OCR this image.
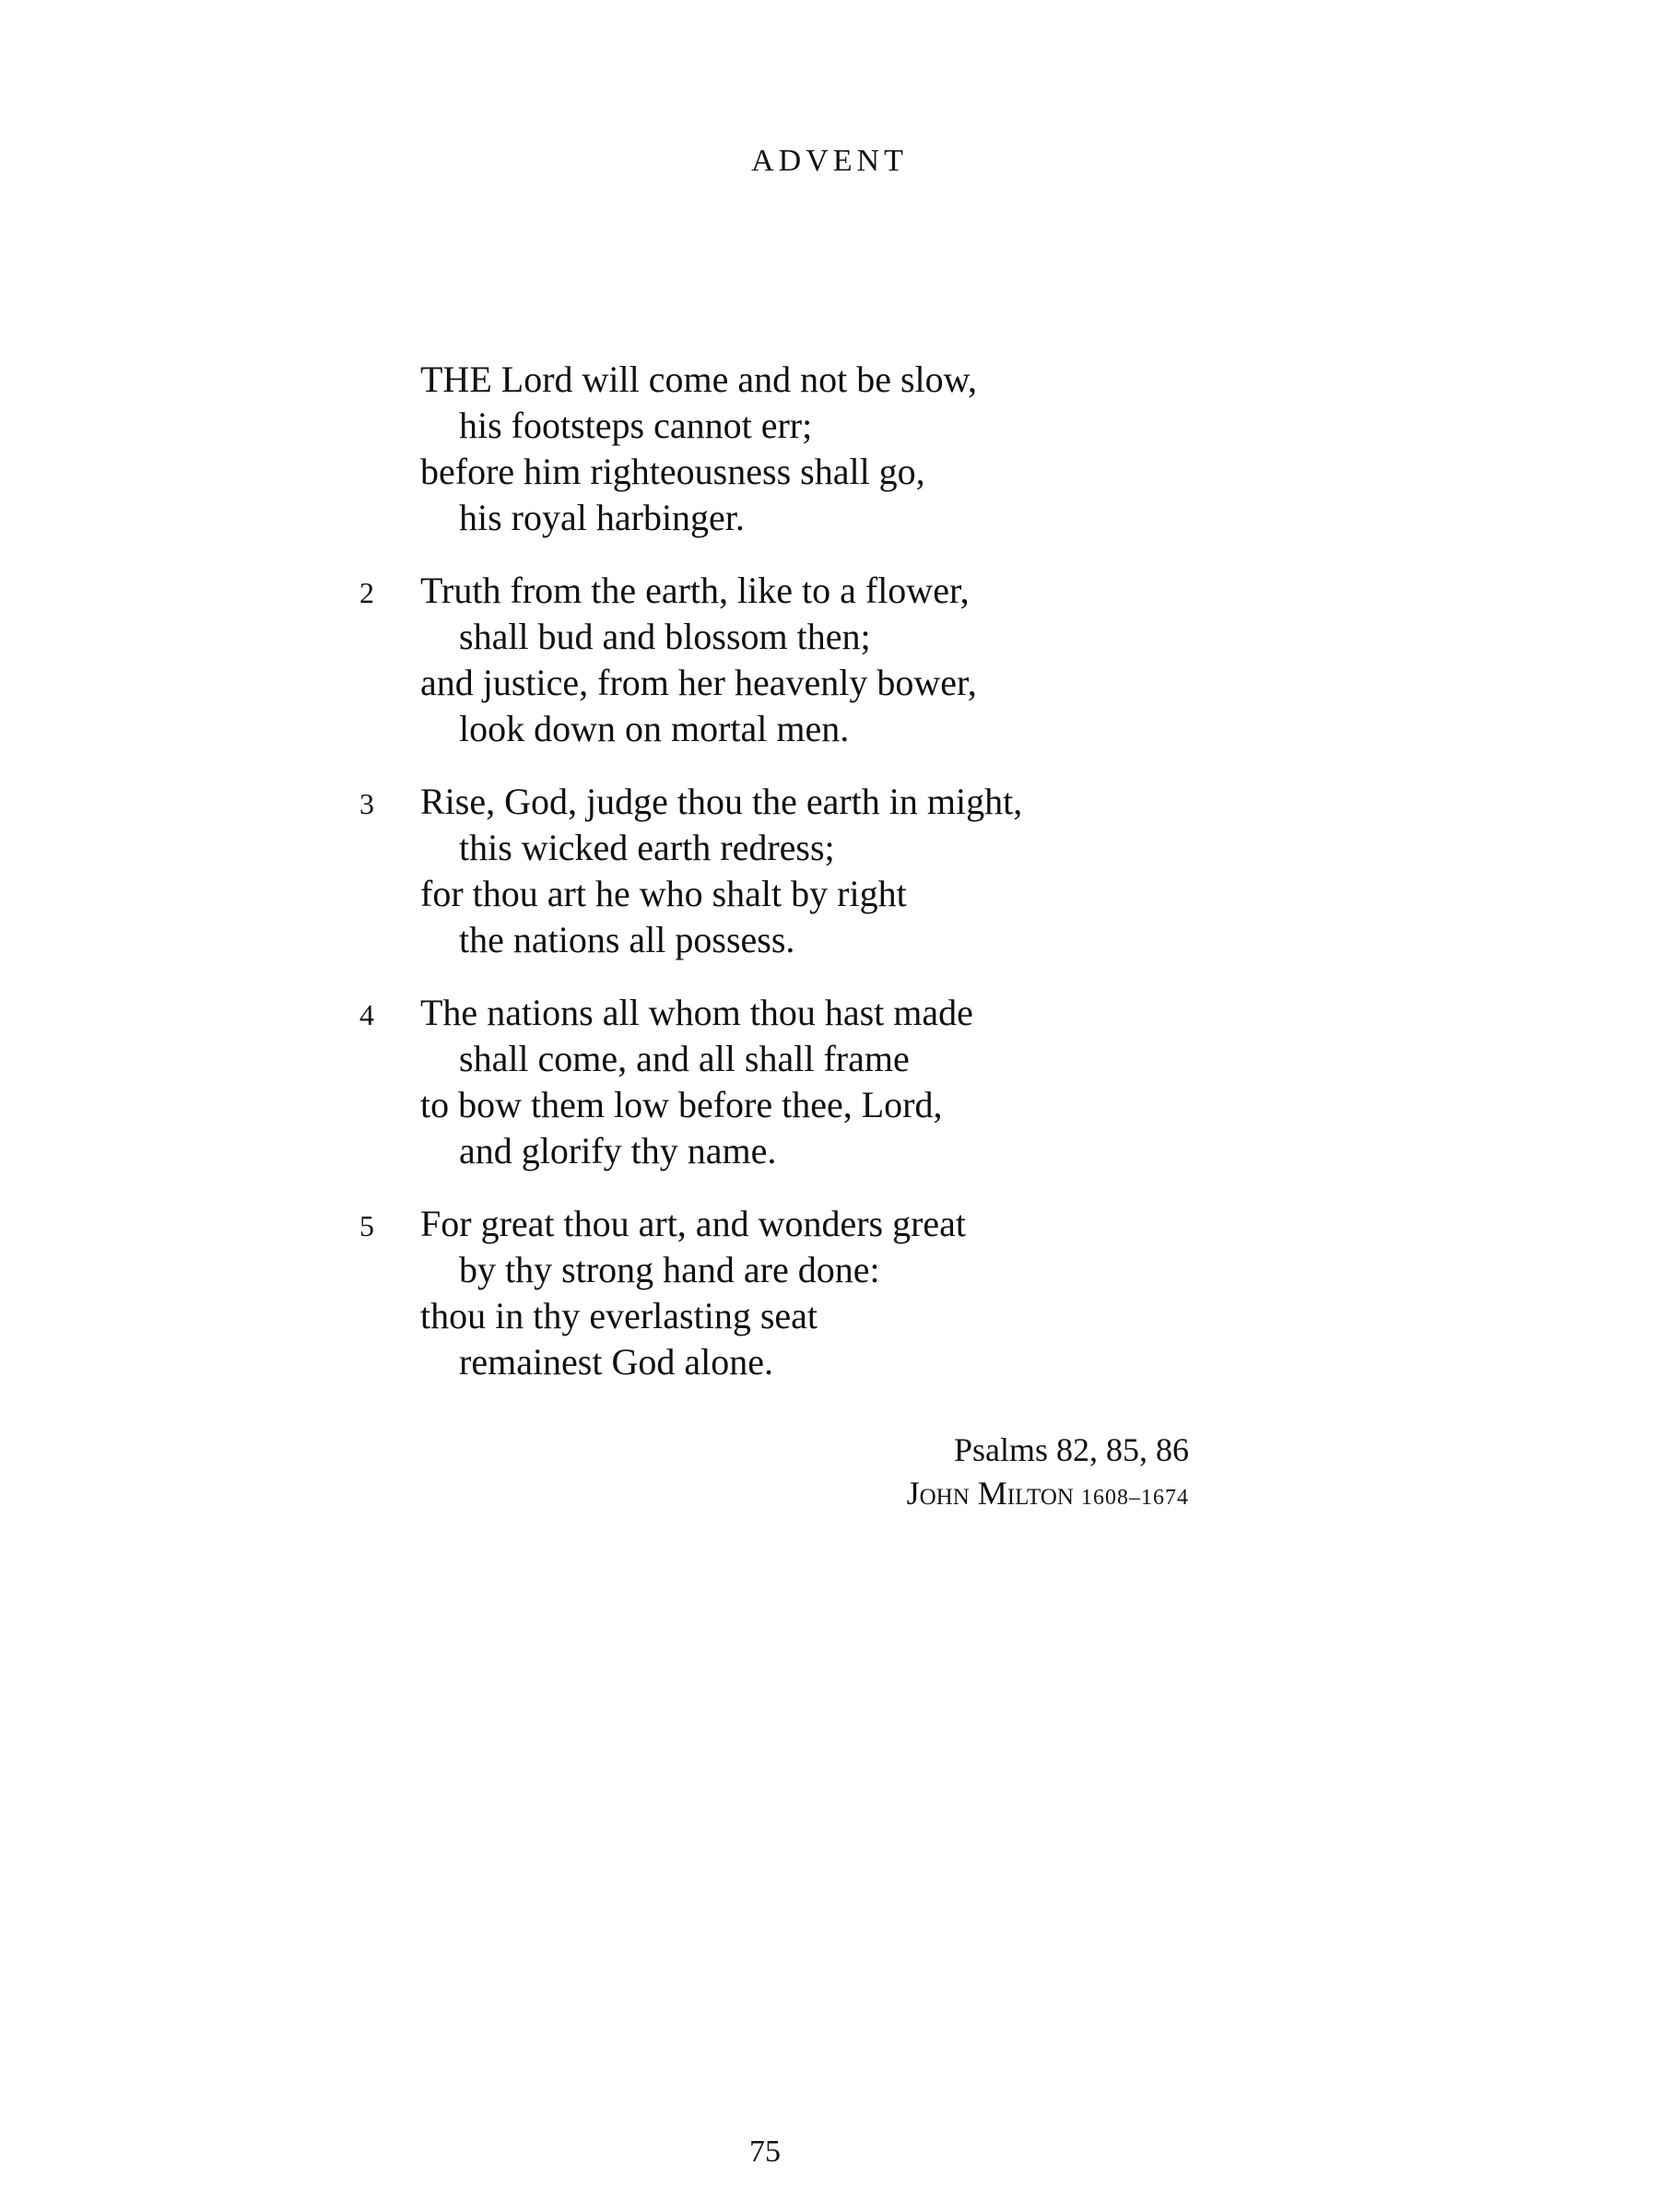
ADVENT
THE Lord will come and not be slow,
his footsteps cannot err;
before him righteousness shall go,
his royal harbinger.
2	Truth from the earth, like to a flower,
shall bud and blossom then;
and justice, from her heavenly bower,
look down on mortal men.
3	Rise, God, judge thou the earth in might,
this wicked earth redress;
for thou art he who shalt by right
the nations all possess.
4	The nations all whom thou hast made
shall come, and all shall frame
to bow them low before thee, Lord,
and glorify thy name.
5	For great thou art, and wonders great
by thy strong hand are done:
thou in thy everlasting seat
remainest God alone.
Psalms 82, 85, 86
John Milton 1608–1674
75
